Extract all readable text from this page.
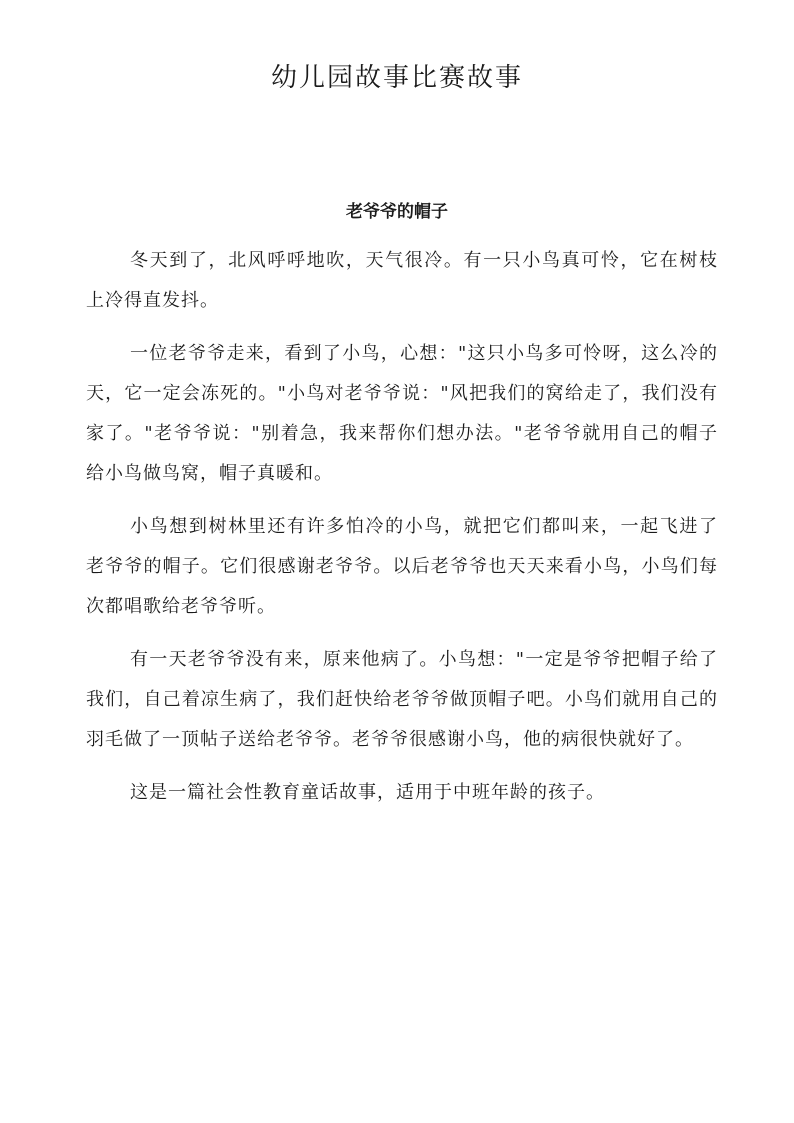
幼儿园故事比赛故事
老爷爷的帽子

冬天到了，北风呼呼地吹，天气很冷。有一只小鸟真可怜，它在树枝上冷得直发抖。

一位老爷爷走来，看到了小鸟，心想："这只小鸟多可怜呀，这么冷的天，它一定会冻死的。"小鸟对老爷爷说："风把我们的窝给走了，我们没有家了。"老爷爷说："别着急，我来帮你们想办法。"老爷爷就用自己的帽子给小鸟做鸟窝，帽子真暖和。

小鸟想到树林里还有许多怕冷的小鸟，就把它们都叫来，一起飞进了老爷爷的帽子。它们很感谢老爷爷。以后老爷爷也天天来看小鸟，小鸟们每次都唱歌给老爷爷听。

有一天老爷爷没有来，原来他病了。小鸟想："一定是爷爷把帽子给了我们，自己着凉生病了，我们赶快给老爷爷做顶帽子吧。小鸟们就用自己的羽毛做了一顶帖子送给老爷爷。老爷爷很感谢小鸟，他的病很快就好了。

这是一篇社会性教育童话故事，适用于中班年龄的孩子。
